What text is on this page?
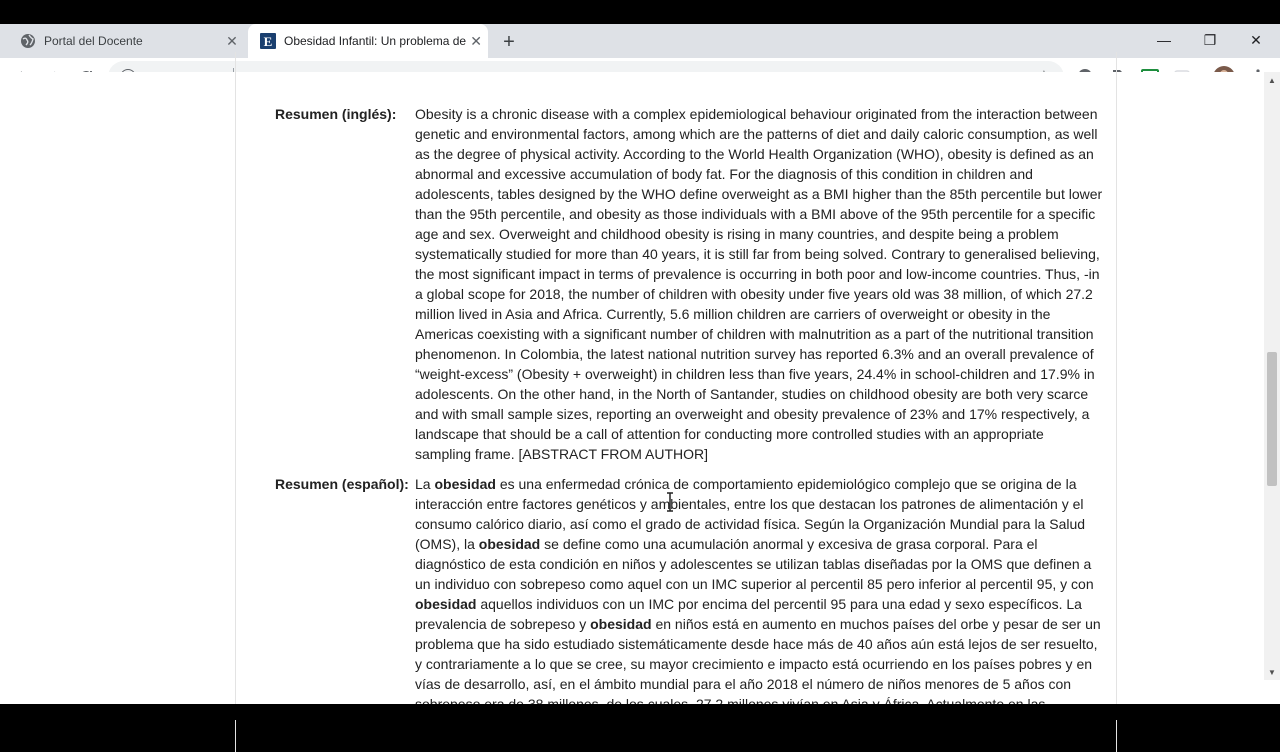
Portal del Docente	✕	E Obesidad Infantil: Un problema de ✕	+	—	❐	✕
Resumen (inglés): Obesity is a chronic disease with a complex epidemiological behaviour originated from the interaction between
genetic and environmental factors, among which are the patterns of diet and daily caloric consumption, as well
as the degree of physical activity. According to the World Health Organization (WHO), obesity is defined as an
abnormal and excessive accumulation of body fat. For the diagnosis of this condition in children and
adolescents, tables designed by the WHO define overweight as a BMI higher than the 85th percentile but lower
than the 95th percentile, and obesity as those individuals with a BMI above of the 95th percentile for a specific
age and sex. Overweight and childhood obesity is rising in many countries, and despite being a problem
systematically studied for more than 40 years, it is still far from being solved. Contrary to generalised believing,
the most significant impact in terms of prevalence is occurring in both poor and low-income countries. Thus, -in
a global scope for 2018, the number of children with obesity under five years old was 38 million, of which 27.2
million lived in Asia and Africa. Currently, 5.6 million children are carriers of overweight or obesity in the
Americas coexisting with a significant number of children with malnutrition as a part of the nutritional transition
phenomenon. In Colombia, the latest national nutrition survey has reported 6.3% and an overall prevalence of
“weight-excess” (Obesity + overweight) in children less than five years, 24.4% in school-children and 17.9% in
adolescents. On the other hand, in the North of Santander, studies on childhood obesity are both very scarce
and with small sample sizes, reporting an overweight and obesity prevalence of 23% and 17% respectively, a
landscape that should be a call of attention for conducting more controlled studies with an appropriate
sampling frame. [ABSTRACT FROM AUTHOR]
Resumen (español): La obesidad es una enfermedad crónica de comportamiento epidemiológico complejo que se origina de la
interacción entre factores genéticos y ambientales, entre los que destacan los patrones de alimentación y el
consumo calórico diario, así como el grado de actividad física. Según la Organización Mundial para la Salud
(OMS), la obesidad se define como una acumulación anormal y excesiva de grasa corporal. Para el
diagnóstico de esta condición en niños y adolescentes se utilizan tablas diseñadas por la OMS que definen a
un individuo con sobrepeso como aquel con un IMC superior al percentil 85 pero inferior al percentil 95, y con
obesidad aquellos individuos con un IMC por encima del percentil 95 para una edad y sexo específicos. La
prevalencia de sobrepeso y obesidad en niños está en aumento en muchos países del orbe y pesar de ser un
problema que ha sido estudiado sistemáticamente desde hace más de 40 años aún está lejos de ser resuelto,
y contrariamente a lo que se cree, su mayor crecimiento e impacto está ocurriendo en los países pobres y en
vías de desarrollo, así, en el ámbito mundial para el año 2018 el número de niños menores de 5 años con
▲
▼
